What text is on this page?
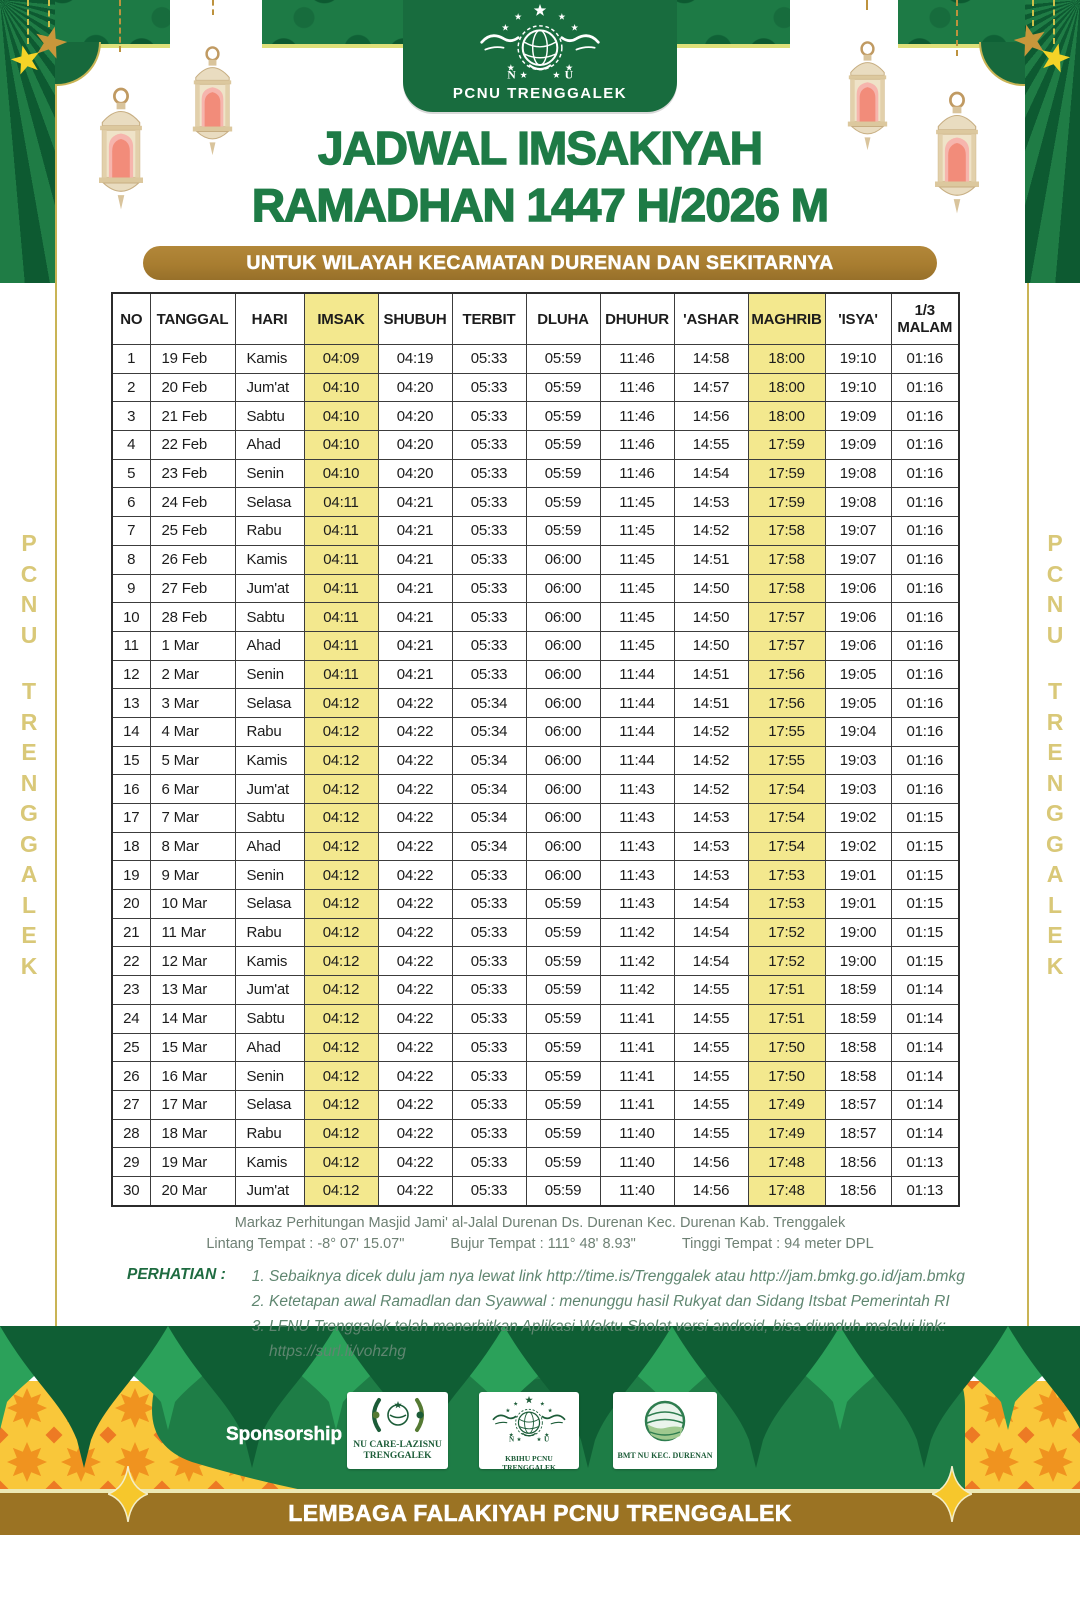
PCNU TRENGGALEK
JADWAL IMSAKIYAH
RAMADHAN 1447 H/2026 M
UNTUK WILAYAH KECAMATAN DURENAN DAN SEKITARNYA
NO	TANGGAL	HARI	IMSAK	SHUBUH	TERBIT	DLUHA	DHUHUR	'ASHAR	MAGHRIB	'ISYA'	1/3 MALAM
1	19 Feb	Kamis	04:09	04:19	05:33	05:59	11:46	14:58	18:00	19:10	01:16
2	20 Feb	Jum'at	04:10	04:20	05:33	05:59	11:46	14:57	18:00	19:10	01:16
3	21 Feb	Sabtu	04:10	04:20	05:33	05:59	11:46	14:56	18:00	19:09	01:16
4	22 Feb	Ahad	04:10	04:20	05:33	05:59	11:46	14:55	17:59	19:09	01:16
5	23 Feb	Senin	04:10	04:20	05:33	05:59	11:46	14:54	17:59	19:08	01:16
6	24 Feb	Selasa	04:11	04:21	05:33	05:59	11:45	14:53	17:59	19:08	01:16
7	25 Feb	Rabu	04:11	04:21	05:33	05:59	11:45	14:52	17:58	19:07	01:16
8	26 Feb	Kamis	04:11	04:21	05:33	06:00	11:45	14:51	17:58	19:07	01:16
9	27 Feb	Jum'at	04:11	04:21	05:33	06:00	11:45	14:50	17:58	19:06	01:16
10	28 Feb	Sabtu	04:11	04:21	05:33	06:00	11:45	14:50	17:57	19:06	01:16
11	1 Mar	Ahad	04:11	04:21	05:33	06:00	11:45	14:50	17:57	19:06	01:16
12	2 Mar	Senin	04:11	04:21	05:33	06:00	11:44	14:51	17:56	19:05	01:16
13	3 Mar	Selasa	04:12	04:22	05:34	06:00	11:44	14:51	17:56	19:05	01:16
14	4 Mar	Rabu	04:12	04:22	05:34	06:00	11:44	14:52	17:55	19:04	01:16
15	5 Mar	Kamis	04:12	04:22	05:34	06:00	11:44	14:52	17:55	19:03	01:16
16	6 Mar	Jum'at	04:12	04:22	05:34	06:00	11:43	14:52	17:54	19:03	01:16
17	7 Mar	Sabtu	04:12	04:22	05:34	06:00	11:43	14:53	17:54	19:02	01:15
18	8 Mar	Ahad	04:12	04:22	05:34	06:00	11:43	14:53	17:54	19:02	01:15
19	9 Mar	Senin	04:12	04:22	05:33	06:00	11:43	14:53	17:53	19:01	01:15
20	10 Mar	Selasa	04:12	04:22	05:33	05:59	11:43	14:54	17:53	19:01	01:15
21	11 Mar	Rabu	04:12	04:22	05:33	05:59	11:42	14:54	17:52	19:00	01:15
22	12 Mar	Kamis	04:12	04:22	05:33	05:59	11:42	14:54	17:52	19:00	01:15
23	13 Mar	Jum'at	04:12	04:22	05:33	05:59	11:42	14:55	17:51	18:59	01:14
24	14 Mar	Sabtu	04:12	04:22	05:33	05:59	11:41	14:55	17:51	18:59	01:14
25	15 Mar	Ahad	04:12	04:22	05:33	05:59	11:41	14:55	17:50	18:58	01:14
26	16 Mar	Senin	04:12	04:22	05:33	05:59	11:41	14:55	17:50	18:58	01:14
27	17 Mar	Selasa	04:12	04:22	05:33	05:59	11:41	14:55	17:49	18:57	01:14
28	18 Mar	Rabu	04:12	04:22	05:33	05:59	11:40	14:55	17:49	18:57	01:14
29	19 Mar	Kamis	04:12	04:22	05:33	05:59	11:40	14:56	17:48	18:56	01:13
30	20 Mar	Jum'at	04:12	04:22	05:33	05:59	11:40	14:56	17:48	18:56	01:13
Markaz Perhitungan Masjid Jami' al-Jalal Durenan Ds. Durenan Kec. Durenan Kab. Trenggalek
Lintang Tempat : -8° 07' 15.07"	Bujur Tempat : 111° 48' 8.93"	Tinggi Tempat : 94 meter DPL
PERHATIAN :	1. Sebaiknya dicek dulu jam nya lewat link http://time.is/Trenggalek atau http://jam.bmkg.go.id/jam.bmkg
2. Ketetapan awal Ramadlan dan Syawwal : menunggu hasil Rukyat dan Sidang Itsbat Pemerintah RI
3. LFNU Trenggalek telah menerbitkan Aplikasi Waktu Sholat versi android, bisa diunduh melalui link: https://surl.li/vohzhg
P
C
N
U
T
R
E
N
G
G
A
L
E
K
P
C
N
U
T
R
E
N
G
G
A
L
E
K
Sponsorship	NU CARE-LAZISNU
TRENGGALEK	KBIHU PCNU TRENGGALEK
BMT NU KEC. DURENAN
LEMBAGA FALAKIYAH PCNU TRENGGALEK
